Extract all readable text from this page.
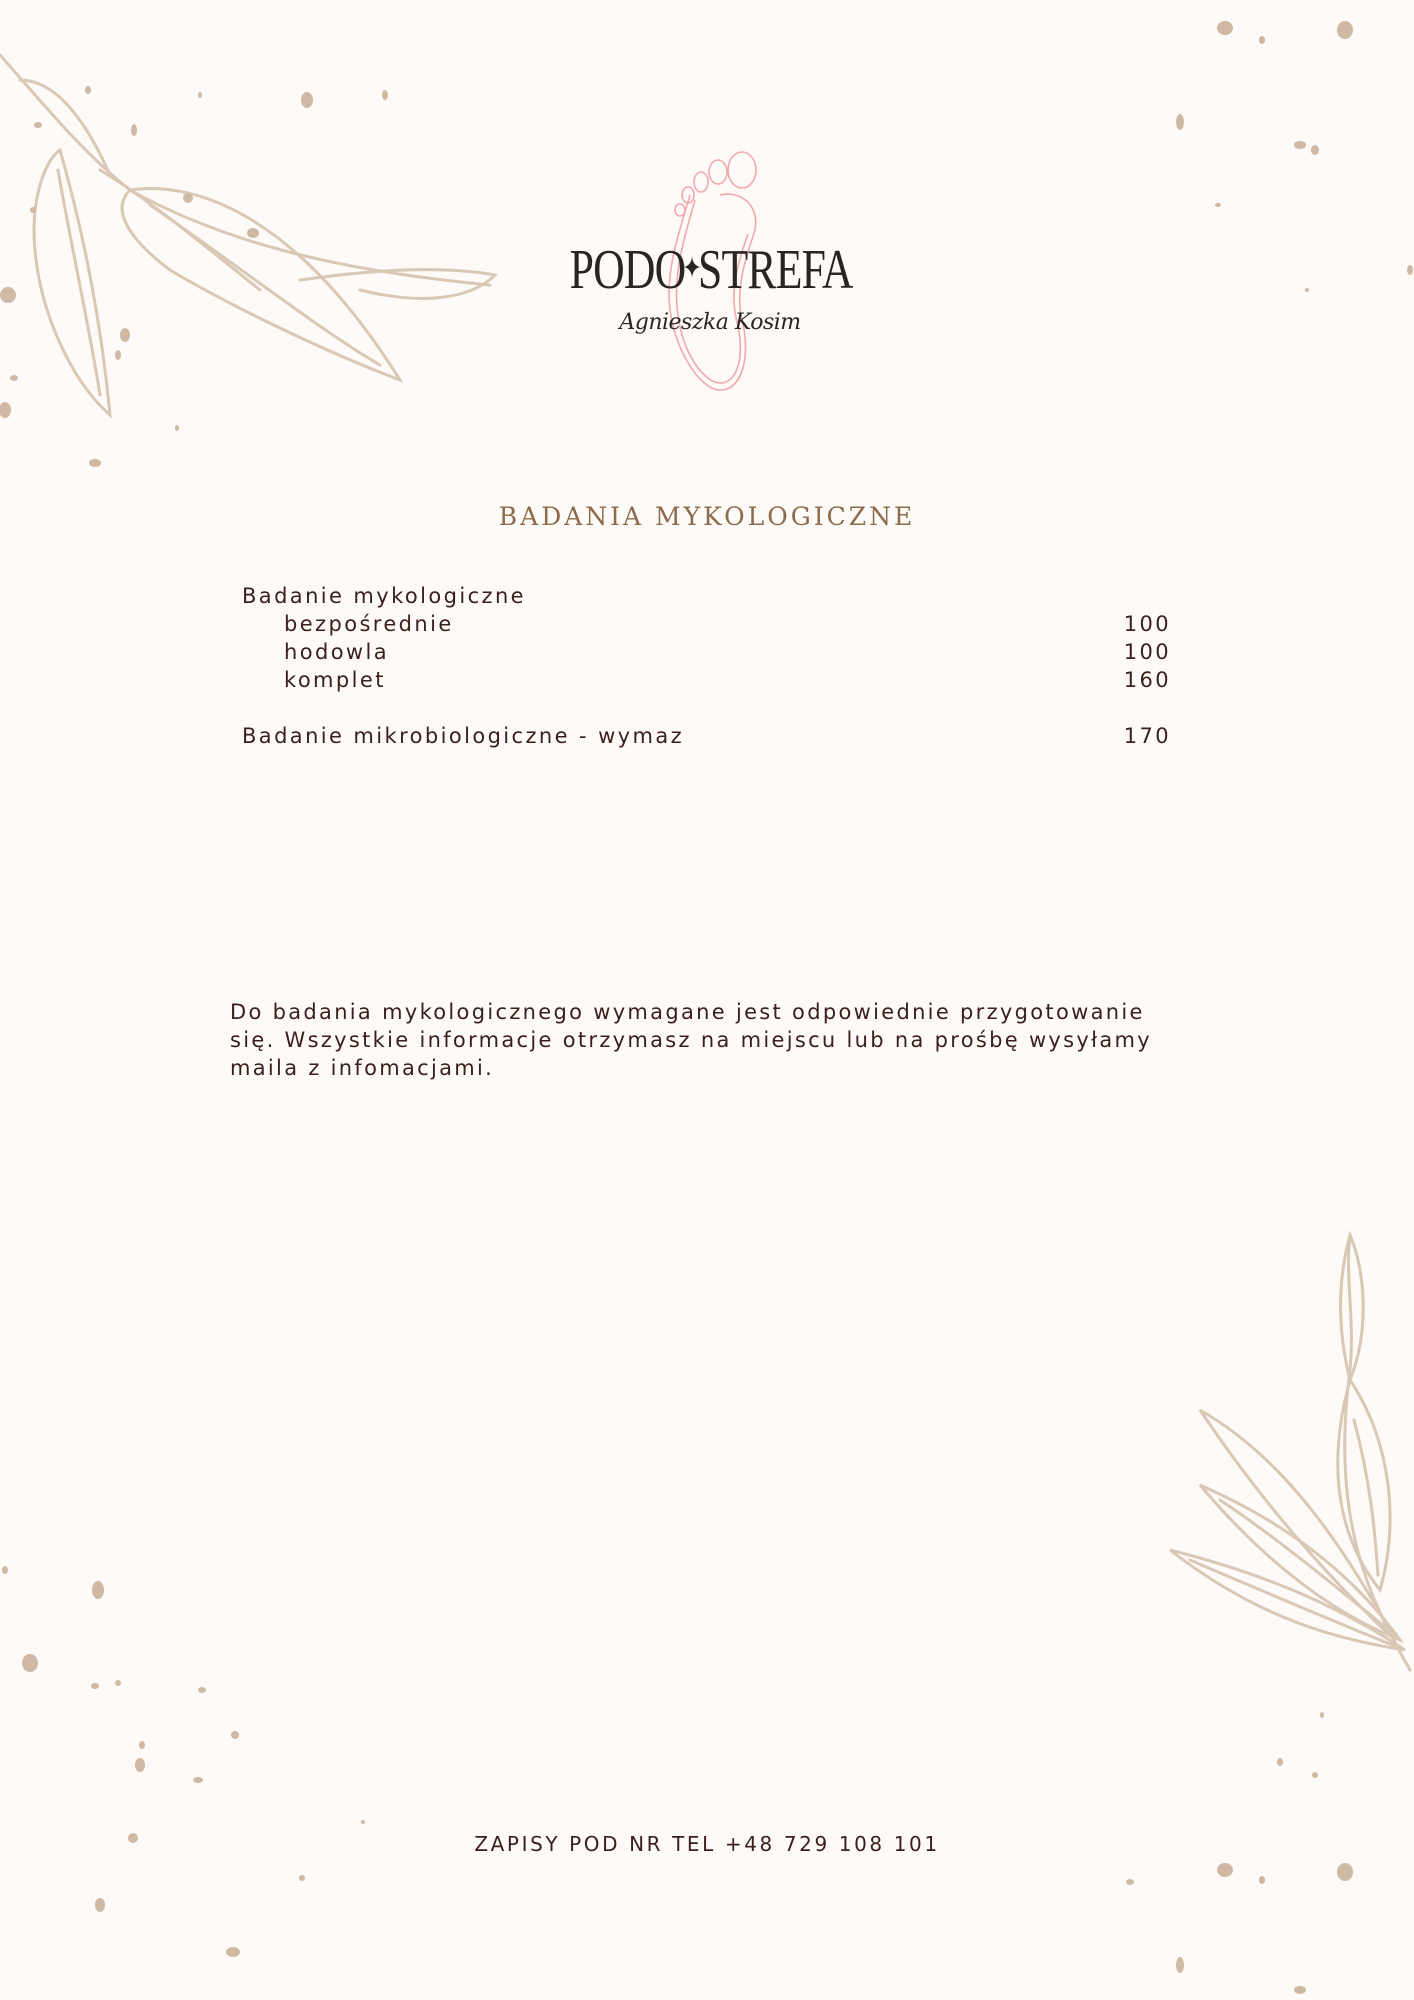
PODO✦STREFA
Agnieszka Kosim
BADANIA MYKOLOGICZNE
Badanie mykologiczne
bezpośrednie	100
hodowla	100
komplet	160
Badanie mikrobiologiczne - wymaz	170
Do badania mykologicznego wymagane jest odpowiednie przygotowanie się. Wszystkie informacje otrzymasz na miejscu lub na prośbę wysyłamy maila z infomacjami.
ZAPISY POD NR TEL +48 729 108 101
